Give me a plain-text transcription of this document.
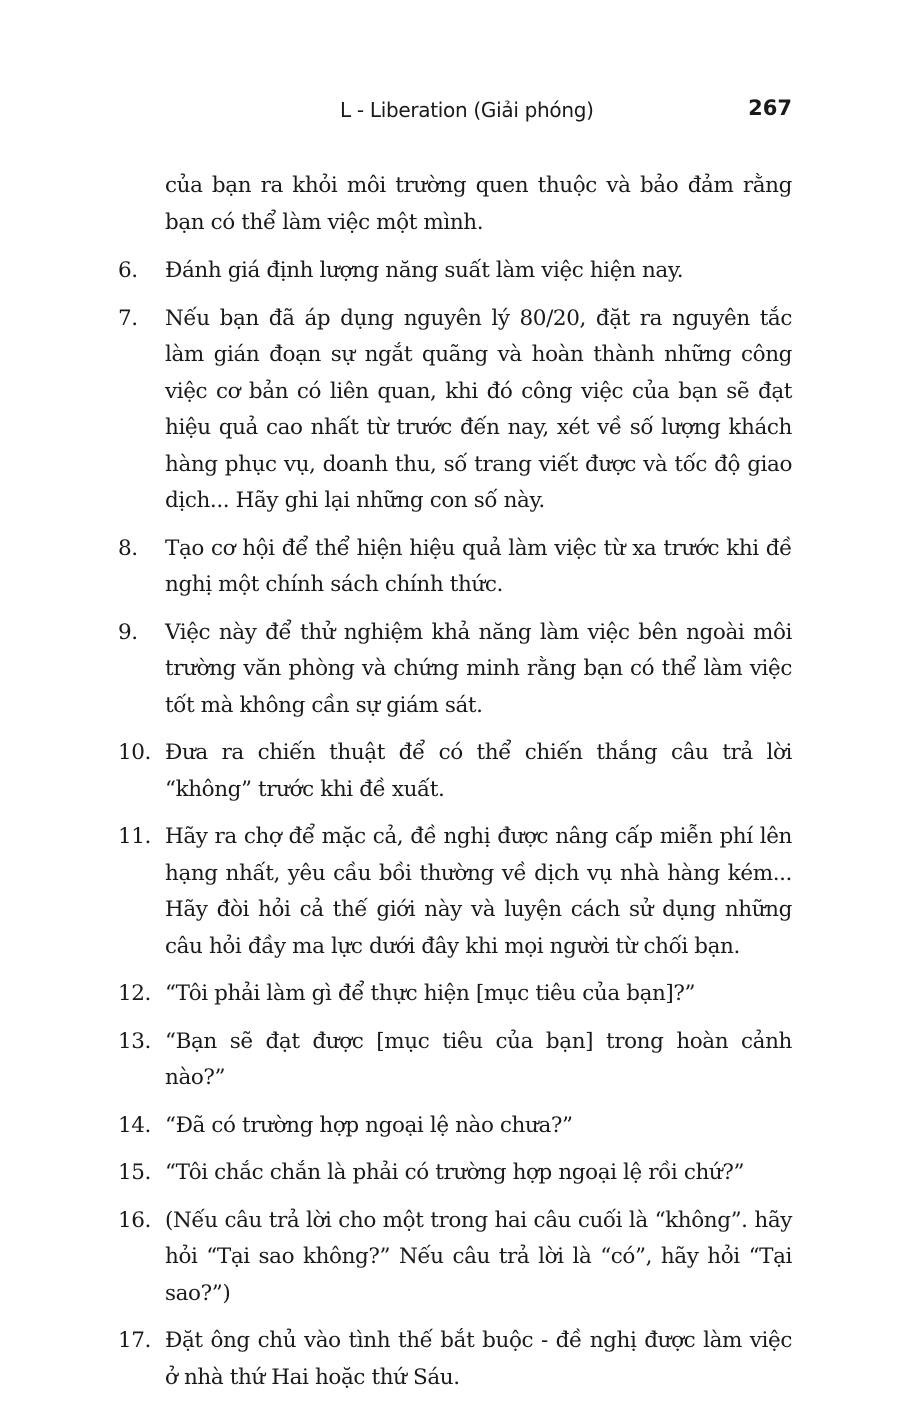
L - Liberation (Giải phóng)	267

của bạn ra khỏi môi trường quen thuộc và bảo đảm rằng bạn có thể làm việc một mình.

6.	Đánh giá định lượng năng suất làm việc hiện nay.
7.	Nếu bạn đã áp dụng nguyên lý 80/20, đặt ra nguyên tắc làm gián đoạn sự ngắt quãng và hoàn thành những công việc cơ bản có liên quan, khi đó công việc của bạn sẽ đạt hiệu quả cao nhất từ trước đến nay, xét về số lượng khách hàng phục vụ, doanh thu, số trang viết được và tốc độ giao dịch... Hãy ghi lại những con số này.
8.	Tạo cơ hội để thể hiện hiệu quả làm việc từ xa trước khi đề nghị một chính sách chính thức.
9.	Việc này để thử nghiệm khả năng làm việc bên ngoài môi trường văn phòng và chứng minh rằng bạn có thể làm việc tốt mà không cần sự giám sát.
10. Đưa ra chiến thuật để có thể chiến thắng câu trả lời “không” trước khi đề xuất.
11. Hãy ra chợ để mặc cả, đề nghị được nâng cấp miễn phí lên hạng nhất, yêu cầu bồi thường về dịch vụ nhà hàng kém... Hãy đòi hỏi cả thế giới này và luyện cách sử dụng những câu hỏi đầy ma lực dưới đây khi mọi người từ chối bạn.
12. “Tôi phải làm gì để thực hiện [mục tiêu của bạn]?”
13. “Bạn sẽ đạt được [mục tiêu của bạn] trong hoàn cảnh nào?”
14. “Đã có trường hợp ngoại lệ nào chưa?”
15. “Tôi chắc chắn là phải có trường hợp ngoại lệ rồi chứ?”
16. (Nếu câu trả lời cho một trong hai câu cuối là “không”. hãy hỏi “Tại sao không?” Nếu câu trả lời là “có”, hãy hỏi “Tại sao?”)
17. Đặt ông chủ vào tình thế bắt buộc - đề nghị được làm việc ở nhà thứ Hai hoặc thứ Sáu.
